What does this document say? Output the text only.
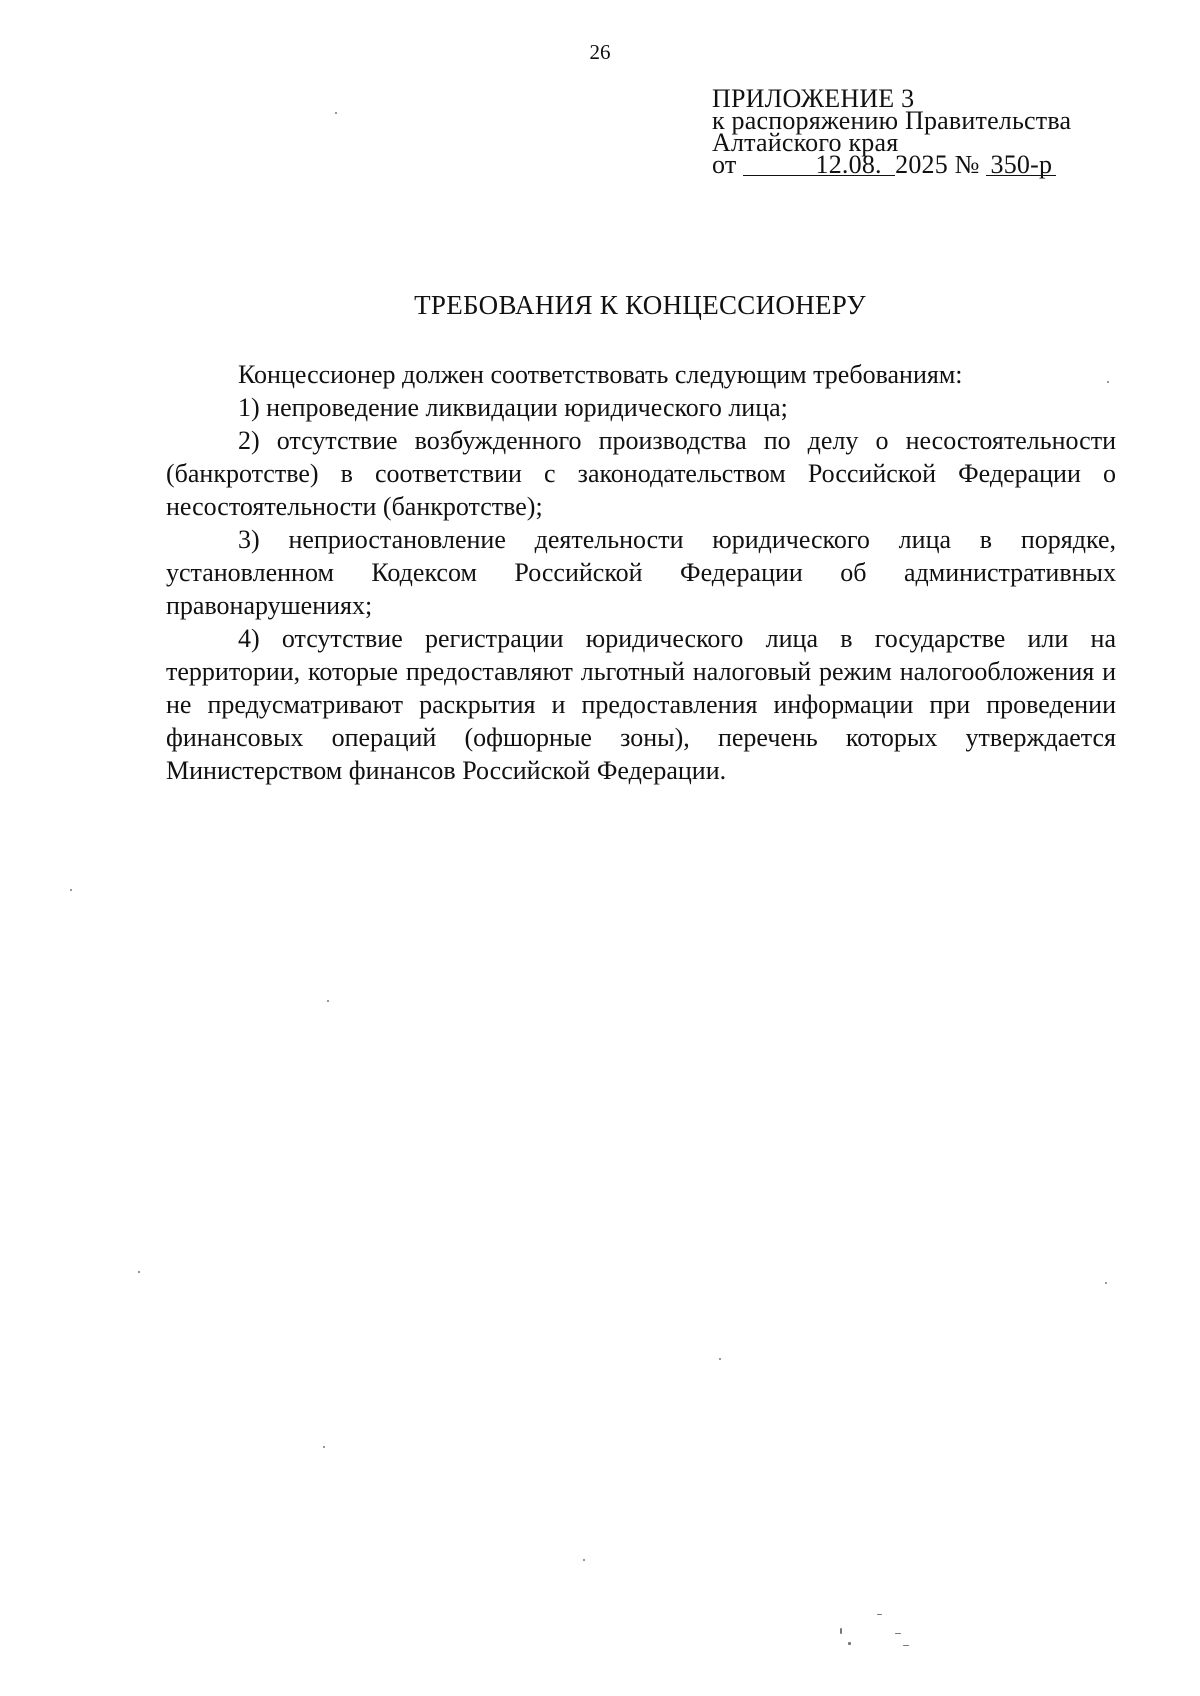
26
ПРИЛОЖЕНИЕ 3
к распоряжению Правительства
Алтайского края
от	12.08. 2025 № 350-р
ТРЕБОВАНИЯ К КОНЦЕССИОНЕРУ

Концессионер должен соответствовать следующим требованиям:

1) непроведение ликвидации юридического лица;

2) отсутствие возбужденного производства по делу о несостоятельности (банкротстве) в соответствии с законодательством Российской Федерации о несостоятельности (банкротстве);

3) неприостановление деятельности юридического лица в порядке, установленном Кодексом Российской Федерации об административных правонарушениях;

4) отсутствие регистрации юридического лица в государстве или на территории, которые предоставляют льготный налоговый режим налогообложения и не предусматривают раскрытия и предоставления информации при проведении финансовых операций (офшорные зоны), перечень которых утверждается Министерством финансов Российской Федерации.
